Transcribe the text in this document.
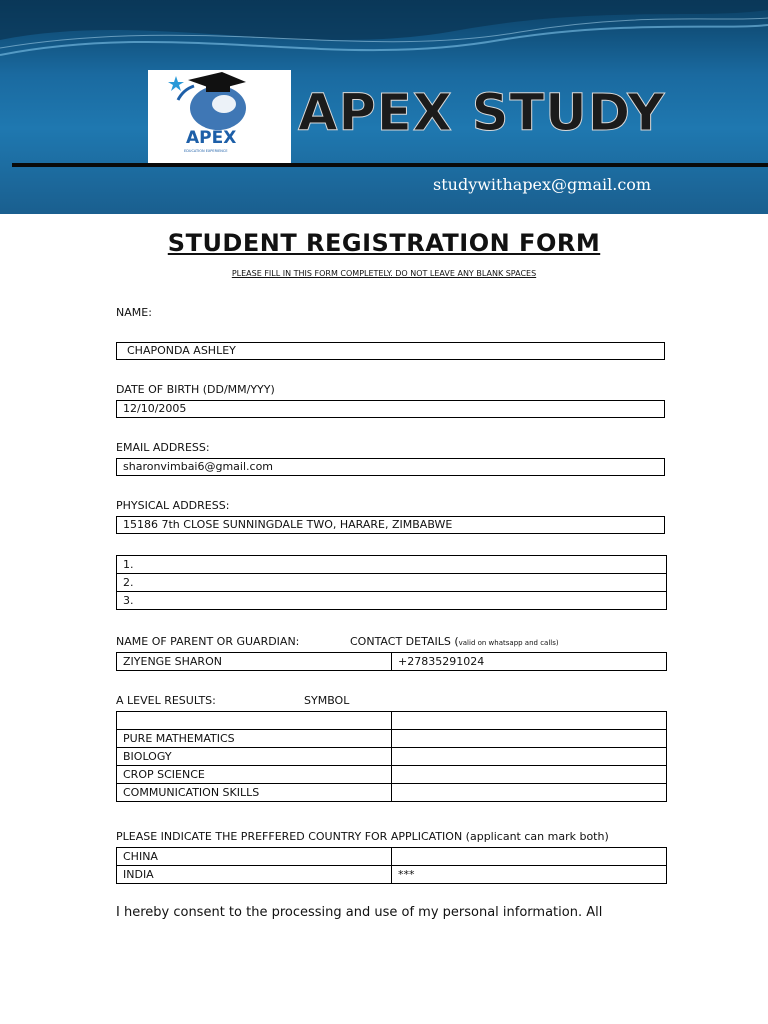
APEX
EDUCATION EXPERIENCE
APEX STUDY
studywithapex@gmail.com
STUDENT REGISTRATION FORM
PLEASE FILL IN THIS FORM COMPLETELY. DO NOT LEAVE ANY BLANK SPACES
NAME:
CHAPONDA ASHLEY
DATE OF BIRTH (DD/MM/YYY)
12/10/2005
EMAIL ADDRESS:
sharonvimbai6@gmail.com
PHYSICAL ADDRESS:
15186 7th CLOSE SUNNINGDALE TWO, HARARE, ZIMBABWE
1.
2.
3.
NAME OF PARENT OR GUARDIAN:	CONTACT DETAILS (valid on whatsapp and calls)
ZIYENGE SHARON	+27835291024
A LEVEL RESULTS:	SYMBOL

PURE MATHEMATICS	
BIOLOGY	
CROP SCIENCE	
COMMUNICATION SKILLS	
PLEASE INDICATE THE PREFFERED COUNTRY FOR APPLICATION (applicant can mark both)
CHINA	
INDIA	***
I hereby consent to the processing and use of my personal information. All
